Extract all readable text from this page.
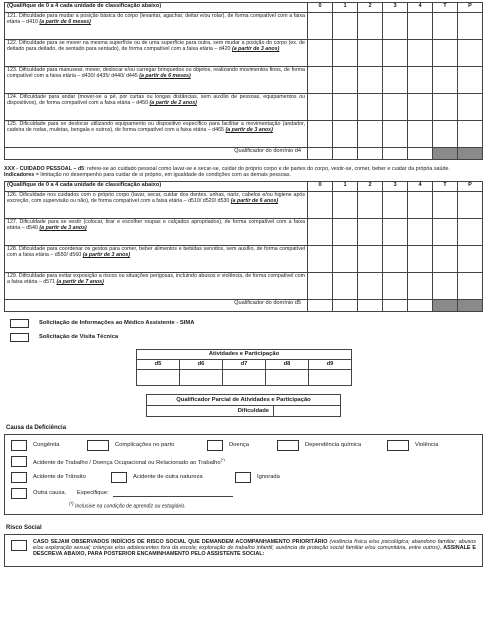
(Qualifique de 0 a 4 cada unidade de classificação abaixo)	0	1	2	3	4	T	P
121. Dificuldade para mudar a posição básica do corpo (levantar, agachar, deitar e/ou rolar), de forma compatível com a faixa etária – d410 (a partir de 6 meses)							
122. Dificuldade para se mover na mesma superfície ou de uma superfície para outra, sem mudar a posição do corpo (ex. de deitado para deitado, de sentado para sentado), de forma compatível com a faixa etária – d420 (a partir de 3 anos)							
123. Dificuldade para manusear, mover, deslocar e/ou carregar brinquedos ou objetos, realizando movimentos finos, de forma compatível com a faixa etária – d430/ d435/ d440/ d445 (a partir de 6 meses)							
124. Dificuldade para andar (mover-se a pé, por curtas ou longas distâncias, sem auxílio de pessoas, equipamentos ou dispositivos), de forma compatível com a faixa etária – d450 (a partir de 2 anos)							
125. Dificuldade para se deslocar utilizando equipamento ou dispositivo específico para facilitar a movimentação (andador, cadeira de rodas, muletas, bengala e outros), de forma compatível com a faixa etária – d465 (a partir de 3 anos)							
Qualificador do domínio d4							
XXX - CUIDADO PESSOAL – d5: refere-se ao cuidado pessoal como lavar-se e secar-se, cuidar do próprio corpo e de partes do corpo, vestir-se, comer, beber e cuidar da própria saúde.
Indicadores = limitação no desempenho para cuidar de si próprio, em igualdade de condições com as demais pessoas.
(Qualifique de 0 a 4 cada unidade de classificação abaixo)	0	1	2	3	4	T	P
126. Dificuldade nos cuidados com o próprio corpo (lavar, secar, cuidar dos dentes, unhas, nariz, cabelos e/ou higiene após excreção, com supervisão ou não), de forma compatível com a faixa etária – d510/ d520/ d530 (a partir de 6 anos)							
127. Dificuldade para se vestir (colocar, tirar e escolher roupas e calçados apropriados), de forma compatível com a faixa etária – d540 (a partir de 3 anos)							
128. Dificuldade para coordenar os gestos para comer, beber alimentos e bebidas servidos, sem auxílio, de forma compatível com a faixa etária – d550/ d560 (a partir de 3 anos)							
129. Dificuldade para evitar exposição a riscos ou situações perigosas, incluindo abusos e violência, de forma compatível com a faixa etária – d571 (a partir de 7 anos)							
Qualificador do domínio d5							
Solicitação de Informações ao Médico Assistente - SIMA
Solicitação de Visita Técnica
Atividades e Participação				
d5	d6	d7	d8	d9

Qualificador Parcial de Atividades e Participação
Dificuldade	
Causa da Deficiência
Congênita	Complicações no parto	Doença	Dependência química	Violência
Acidente de Trabalho / Doença Ocupacional ou Relacionado ao Trabalho(*)
Acidente de Trânsito	Acidente de outra natureza	Ignorada
Outra causa.	Especifique:
(*) Inclusive na condição de aprendiz ou estagiário.
Risco Social
CASO SEJAM OBSERVADOS INDÍCIOS DE RISCO SOCIAL QUE DEMANDEM ACOMPANHAMENTO PRIORITÁRIO (violência física e/ou psicológica; abandono familiar; abusos e/ou exploração sexual; crianças e/ou adolescentes fora da escola; exploração de trabalho infantil; ausência de proteção social familiar e/ou comunitária, entre outros), ASSINALE E DESCREVA ABAIXO, PARA POSTERIOR ENCAMINHAMENTO PELO ASSISTENTE SOCIAL:
